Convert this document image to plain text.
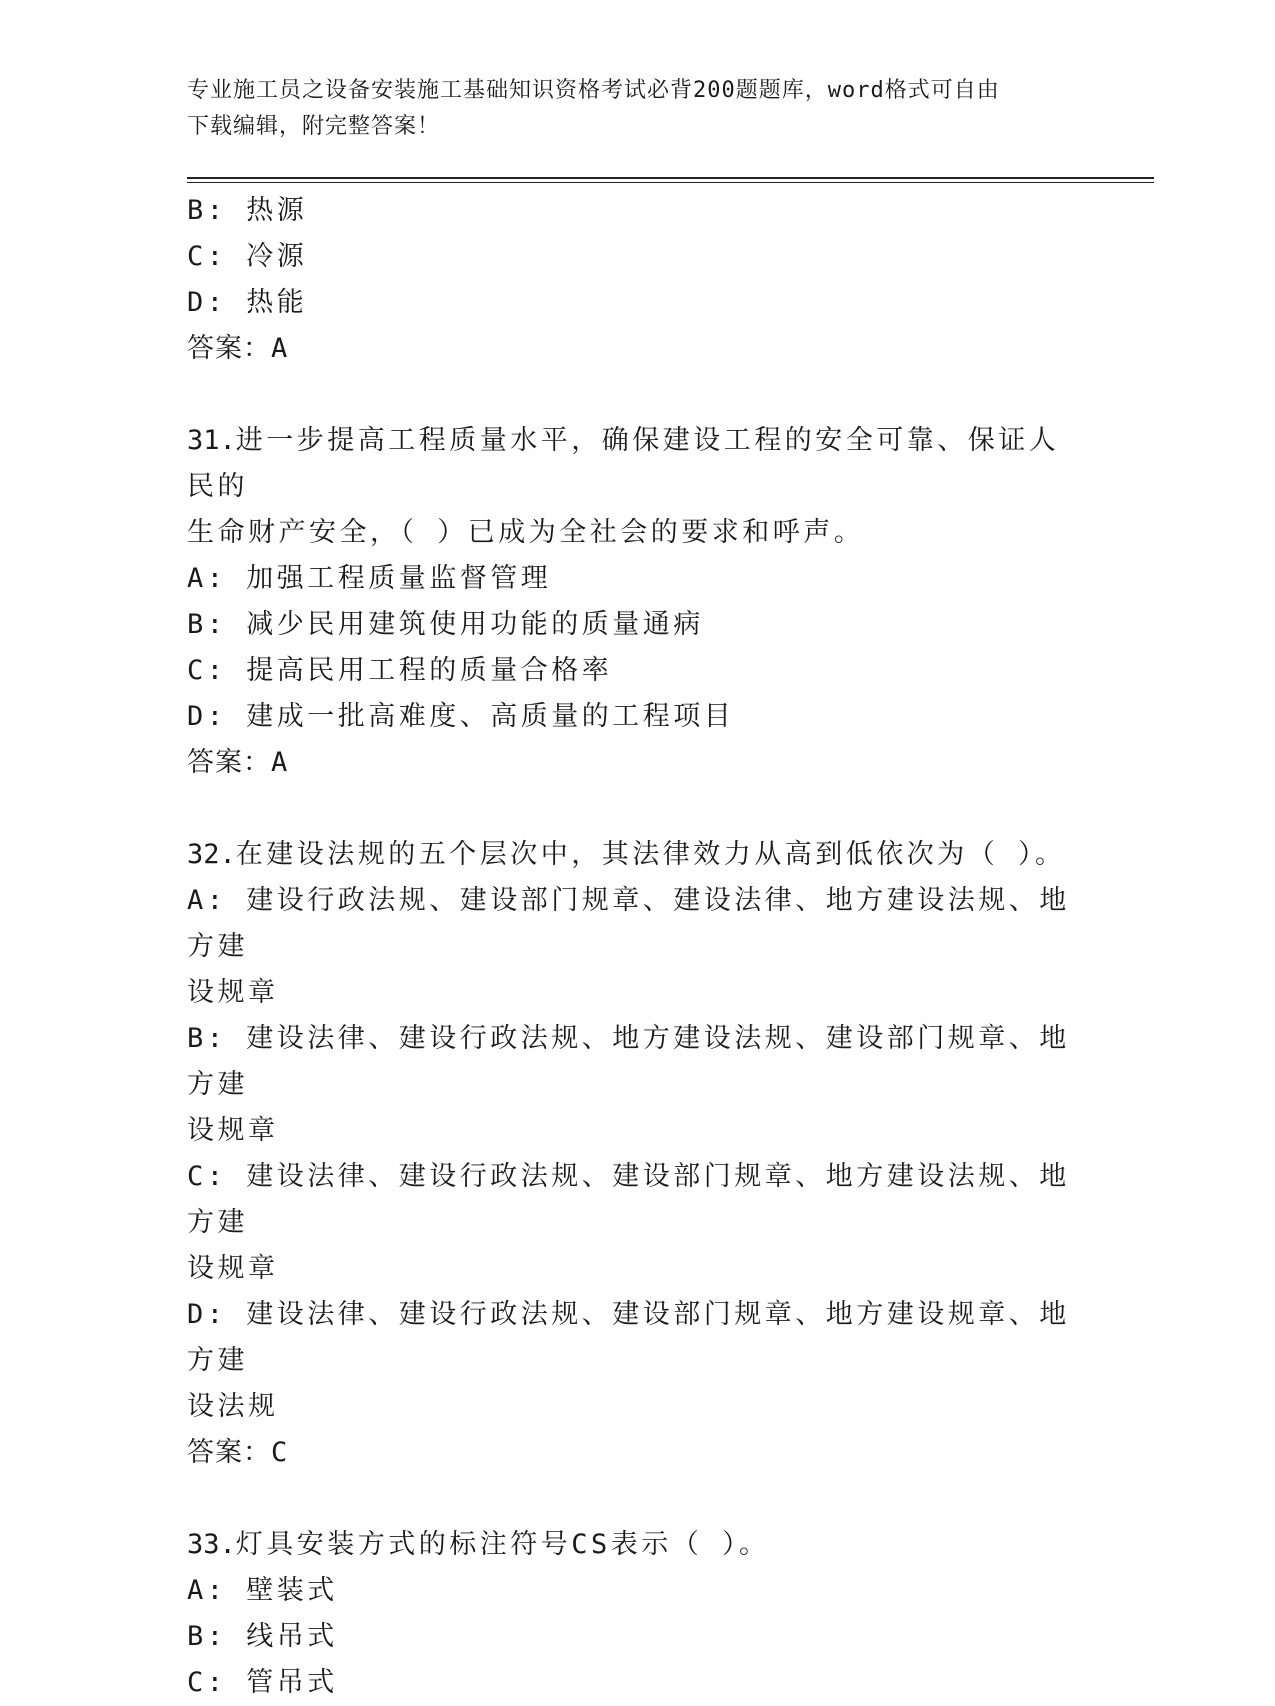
专业施工员之设备安装施工基础知识资格考试必背200题题库，word格式可自由
下载编辑，附完整答案！
B: 热源
C: 冷源
D: 热能
答案：A
31.进一步提高工程质量水平，确保建设工程的安全可靠、保证人民的
生命财产安全，（ ）已成为全社会的要求和呼声。
A: 加强工程质量监督管理
B: 减少民用建筑使用功能的质量通病
C: 提高民用工程的质量合格率
D: 建成一批高难度、高质量的工程项目
答案：A
32.在建设法规的五个层次中，其法律效力从高到低依次为（ ）。
A: 建设行政法规、建设部门规章、建设法律、地方建设法规、地方建
设规章
B: 建设法律、建设行政法规、地方建设法规、建设部门规章、地方建
设规章
C: 建设法律、建设行政法规、建设部门规章、地方建设法规、地方建
设规章
D: 建设法律、建设行政法规、建设部门规章、地方建设规章、地方建
设法规
答案：C
33.灯具安装方式的标注符号CS表示（ ）。
A: 壁装式
B: 线吊式
C: 管吊式
